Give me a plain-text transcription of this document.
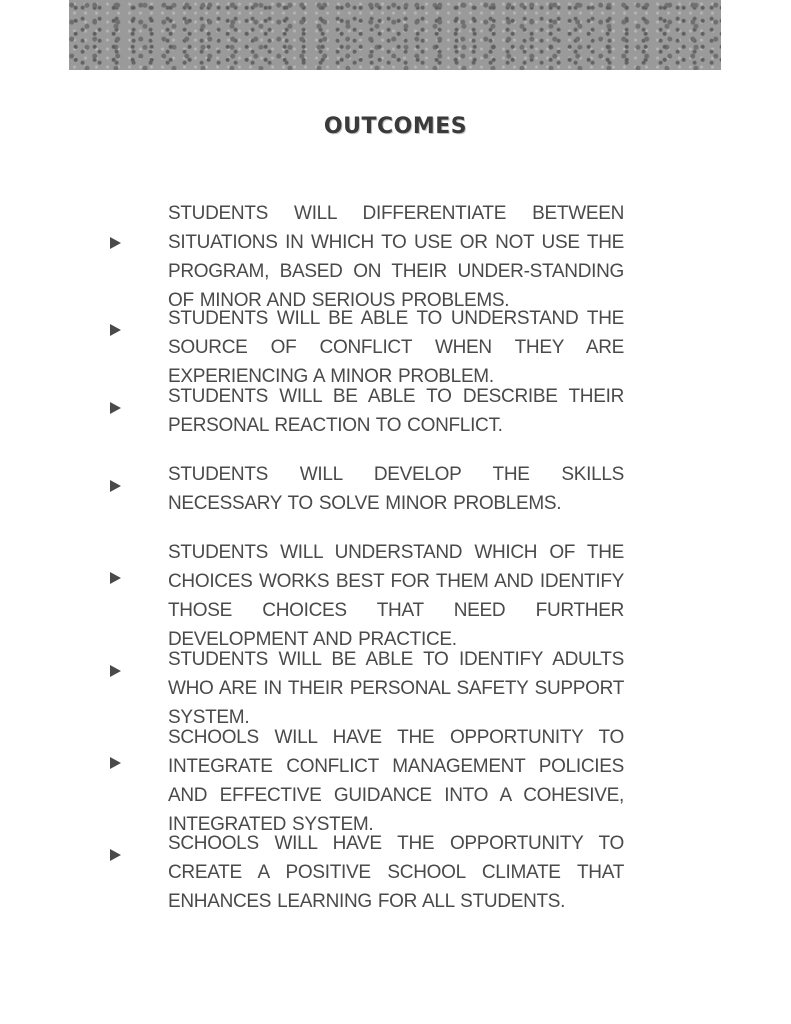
OUTCOMES

STUDENTS WILL DIFFERENTIATE BETWEEN SITUATIONS IN WHICH TO USE OR NOT USE THE PROGRAM, BASED ON THEIR UNDER-STANDING OF MINOR AND SERIOUS PROBLEMS.

STUDENTS WILL BE ABLE TO UNDERSTAND THE SOURCE OF CONFLICT WHEN THEY ARE EXPERIENCING A MINOR PROBLEM.

STUDENTS WILL BE ABLE TO DESCRIBE THEIR PERSONAL REACTION TO CONFLICT.

STUDENTS WILL DEVELOP THE SKILLS NECESSARY TO SOLVE MINOR PROBLEMS.

STUDENTS WILL UNDERSTAND WHICH OF THE CHOICES WORKS BEST FOR THEM AND IDENTIFY THOSE CHOICES THAT NEED FURTHER DEVELOPMENT AND PRACTICE.

STUDENTS WILL BE ABLE TO IDENTIFY ADULTS WHO ARE IN THEIR PERSONAL SAFETY SUPPORT SYSTEM.

SCHOOLS WILL HAVE THE OPPORTUNITY TO INTEGRATE CONFLICT MANAGEMENT POLICIES AND EFFECTIVE GUIDANCE INTO A COHESIVE, INTEGRATED SYSTEM.

SCHOOLS WILL HAVE THE OPPORTUNITY TO CREATE A POSITIVE SCHOOL CLIMATE THAT ENHANCES LEARNING FOR ALL STUDENTS.
